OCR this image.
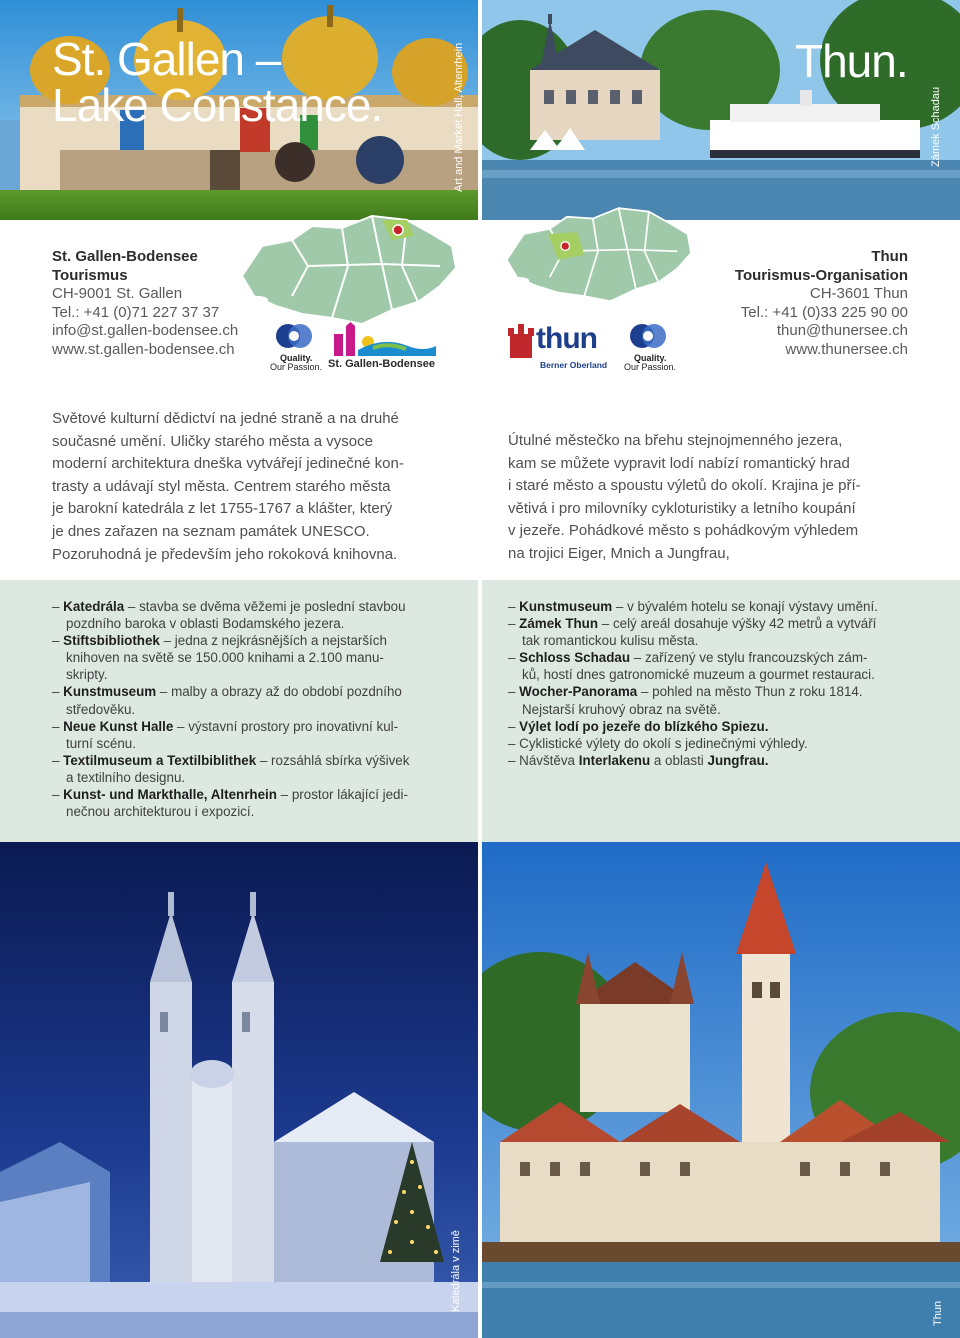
St. Gallen –
Lake Constance.	Art and Market Hall, Altenrhein
St. Gallen-Bodensee
Tourismus
CH-9001 St. Gallen
Tel.: +41 (0)71 227 37 37
info@st.gallen-bodensee.ch
www.st.gallen-bodensee.ch
Quality.
Our Passion. St. Gallen-Bodensee
Světové kulturní dědictví na jedné straně a na druhé
současné umění. Uličky starého města a vysoce
moderní architektura dneška vytvářejí jedinečné kon-
trasty a udávají styl města. Centrem starého města
je barokní katedrála z let 1755-1767 a klášter, který
je dnes zařazen na seznam památek UNESCO.
Pozoruhodná je především jeho rokoková knihovna.
– Katedrála – stavba se dvěma věžemi je poslední stavbou
pozdního baroka v oblasti Bodamského jezera.
– Stiftsbibliothek – jedna z nejkrásnějších a nejstarších
knihoven na světě se 150.000 knihami a 2.100 manu-
skripty.
– Kunstmuseum – malby a obrazy až do období pozdního
středověku.
– Neue Kunst Halle – výstavní prostory pro inovativní kul-
turní scénu.
– Textilmuseum a Textilbiblithek – rozsáhlá sbírka výšivek
a textilního designu.
– Kunst- und Markthalle, Altenrhein – prostor lákající jedi-
nečnou architekturou i expozicí.
Katedrála v zimě
Thun.
Zámek Schadau
Thun
Tourismus-Organisation
CH-3601 Thun
Tel.: +41 (0)33 225 90 00
thun@thunersee.ch
www.thunersee.ch
thun
Berner Oberland
Quality.
Our Passion.
Útulné městečko na břehu stejnojmenného jezera,
kam se můžete vypravit lodí nabízí romantický hrad
i staré město a spoustu výletů do okolí. Krajina je pří-
větivá i pro milovníky cykloturistiky a letního koupání
v jezeře. Pohádkové město s pohádkovým výhledem
na trojici Eiger, Mnich a Jungfrau,
– Kunstmuseum – v bývalém hotelu se konají výstavy umění.
– Zámek Thun – celý areál dosahuje výšky 42 metrů a vytváří
tak romantickou kulisu města.
– Schloss Schadau – zařízený ve stylu francouzských zám-
ků, hostí dnes gatronomické muzeum a gourmet restauraci.
– Wocher-Panorama – pohled na město Thun z roku 1814.
Nejstarší kruhový obraz na světě.
– Výlet lodí po jezeře do blízkého Spiezu.
– Cyklistické výlety do okolí s jedinečnými výhledy.
– Návštěva Interlakenu a oblasti Jungfrau.
Thun
